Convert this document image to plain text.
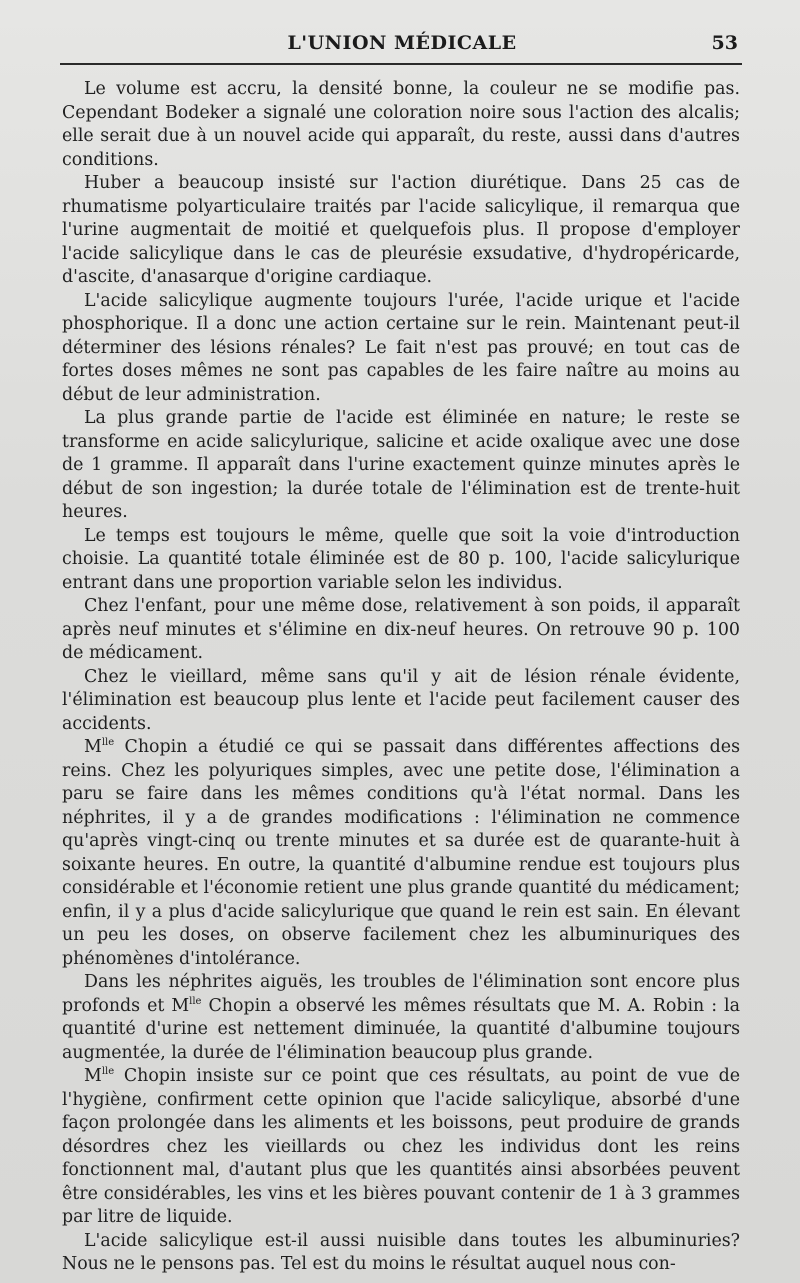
L'UNION MÉDICALE	53

Le volume est accru, la densité bonne, la couleur ne se modifie pas. Cependant Bodeker a signalé une coloration noire sous l'action des alcalis; elle serait due à un nouvel acide qui apparaît, du reste, aussi dans d'autres conditions.

Huber a beaucoup insisté sur l'action diurétique. Dans 25 cas de rhumatisme polyarticulaire traités par l'acide salicylique, il remarqua que l'urine augmentait de moitié et quelquefois plus. Il propose d'employer l'acide salicylique dans le cas de pleurésie exsudative, d'hydropéricarde, d'ascite, d'anasarque d'origine cardiaque.

L'acide salicylique augmente toujours l'urée, l'acide urique et l'acide phosphorique. Il a donc une action certaine sur le rein. Maintenant peut-il déterminer des lésions rénales? Le fait n'est pas prouvé; en tout cas de fortes doses mêmes ne sont pas capables de les faire naître au moins au début de leur administration.

La plus grande partie de l'acide est éliminée en nature; le reste se transforme en acide salicylurique, salicine et acide oxalique avec une dose de 1 gramme. Il apparaît dans l'urine exactement quinze minutes après le début de son ingestion; la durée totale de l'élimination est de trente-huit heures.

Le temps est toujours le même, quelle que soit la voie d'introduction choisie. La quantité totale éliminée est de 80 p. 100, l'acide salicylurique entrant dans une proportion variable selon les individus.

Chez l'enfant, pour une même dose, relativement à son poids, il apparaît après neuf minutes et s'élimine en dix-neuf heures. On retrouve 90 p. 100 de médicament.

Chez le vieillard, même sans qu'il y ait de lésion rénale évidente, l'élimination est beaucoup plus lente et l'acide peut facilement causer des accidents.

$M^{lle}$ Chopin a étudié ce qui se passait dans différentes affections des reins. Chez les polyuriques simples, avec une petite dose, l'élimination a paru se faire dans les mêmes conditions qu'à l'état normal. Dans les néphrites, il y a de grandes modifications : l'élimination ne commence qu'après vingt-cinq ou trente minutes et sa durée est de quarante-huit à soixante heures. En outre, la quantité d'albumine rendue est toujours plus considérable et l'économie retient une plus grande quantité du médicament; enfin, il y a plus d'acide salicylurique que quand le rein est sain. En élevant un peu les doses, on observe facilement chez les albuminuriques des phénomènes d'intolérance.

Dans les néphrites aiguës, les troubles de l'élimination sont encore plus profonds et $M^{lle}$ Chopin a observé les mêmes résultats que M. A. Robin : la quantité d'urine est nettement diminuée, la quantité d'albumine toujours augmentée, la durée de l'élimination beaucoup plus grande.

$M^{lle}$ Chopin insiste sur ce point que ces résultats, au point de vue de l'hygiène, confirment cette opinion que l'acide salicylique, absorbé d'une façon prolongée dans les aliments et les boissons, peut produire de grands désordres chez les vieillards ou chez les individus dont les reins fonctionnent mal, d'autant plus que les quantités ainsi absorbées peuvent être considérables, les vins et les bières pouvant contenir de 1 à 3 grammes par litre de liquide.

L'acide salicylique est-il aussi nuisible dans toutes les albuminuries? Nous ne le pensons pas. Tel est du moins le résultat auquel nous con-
